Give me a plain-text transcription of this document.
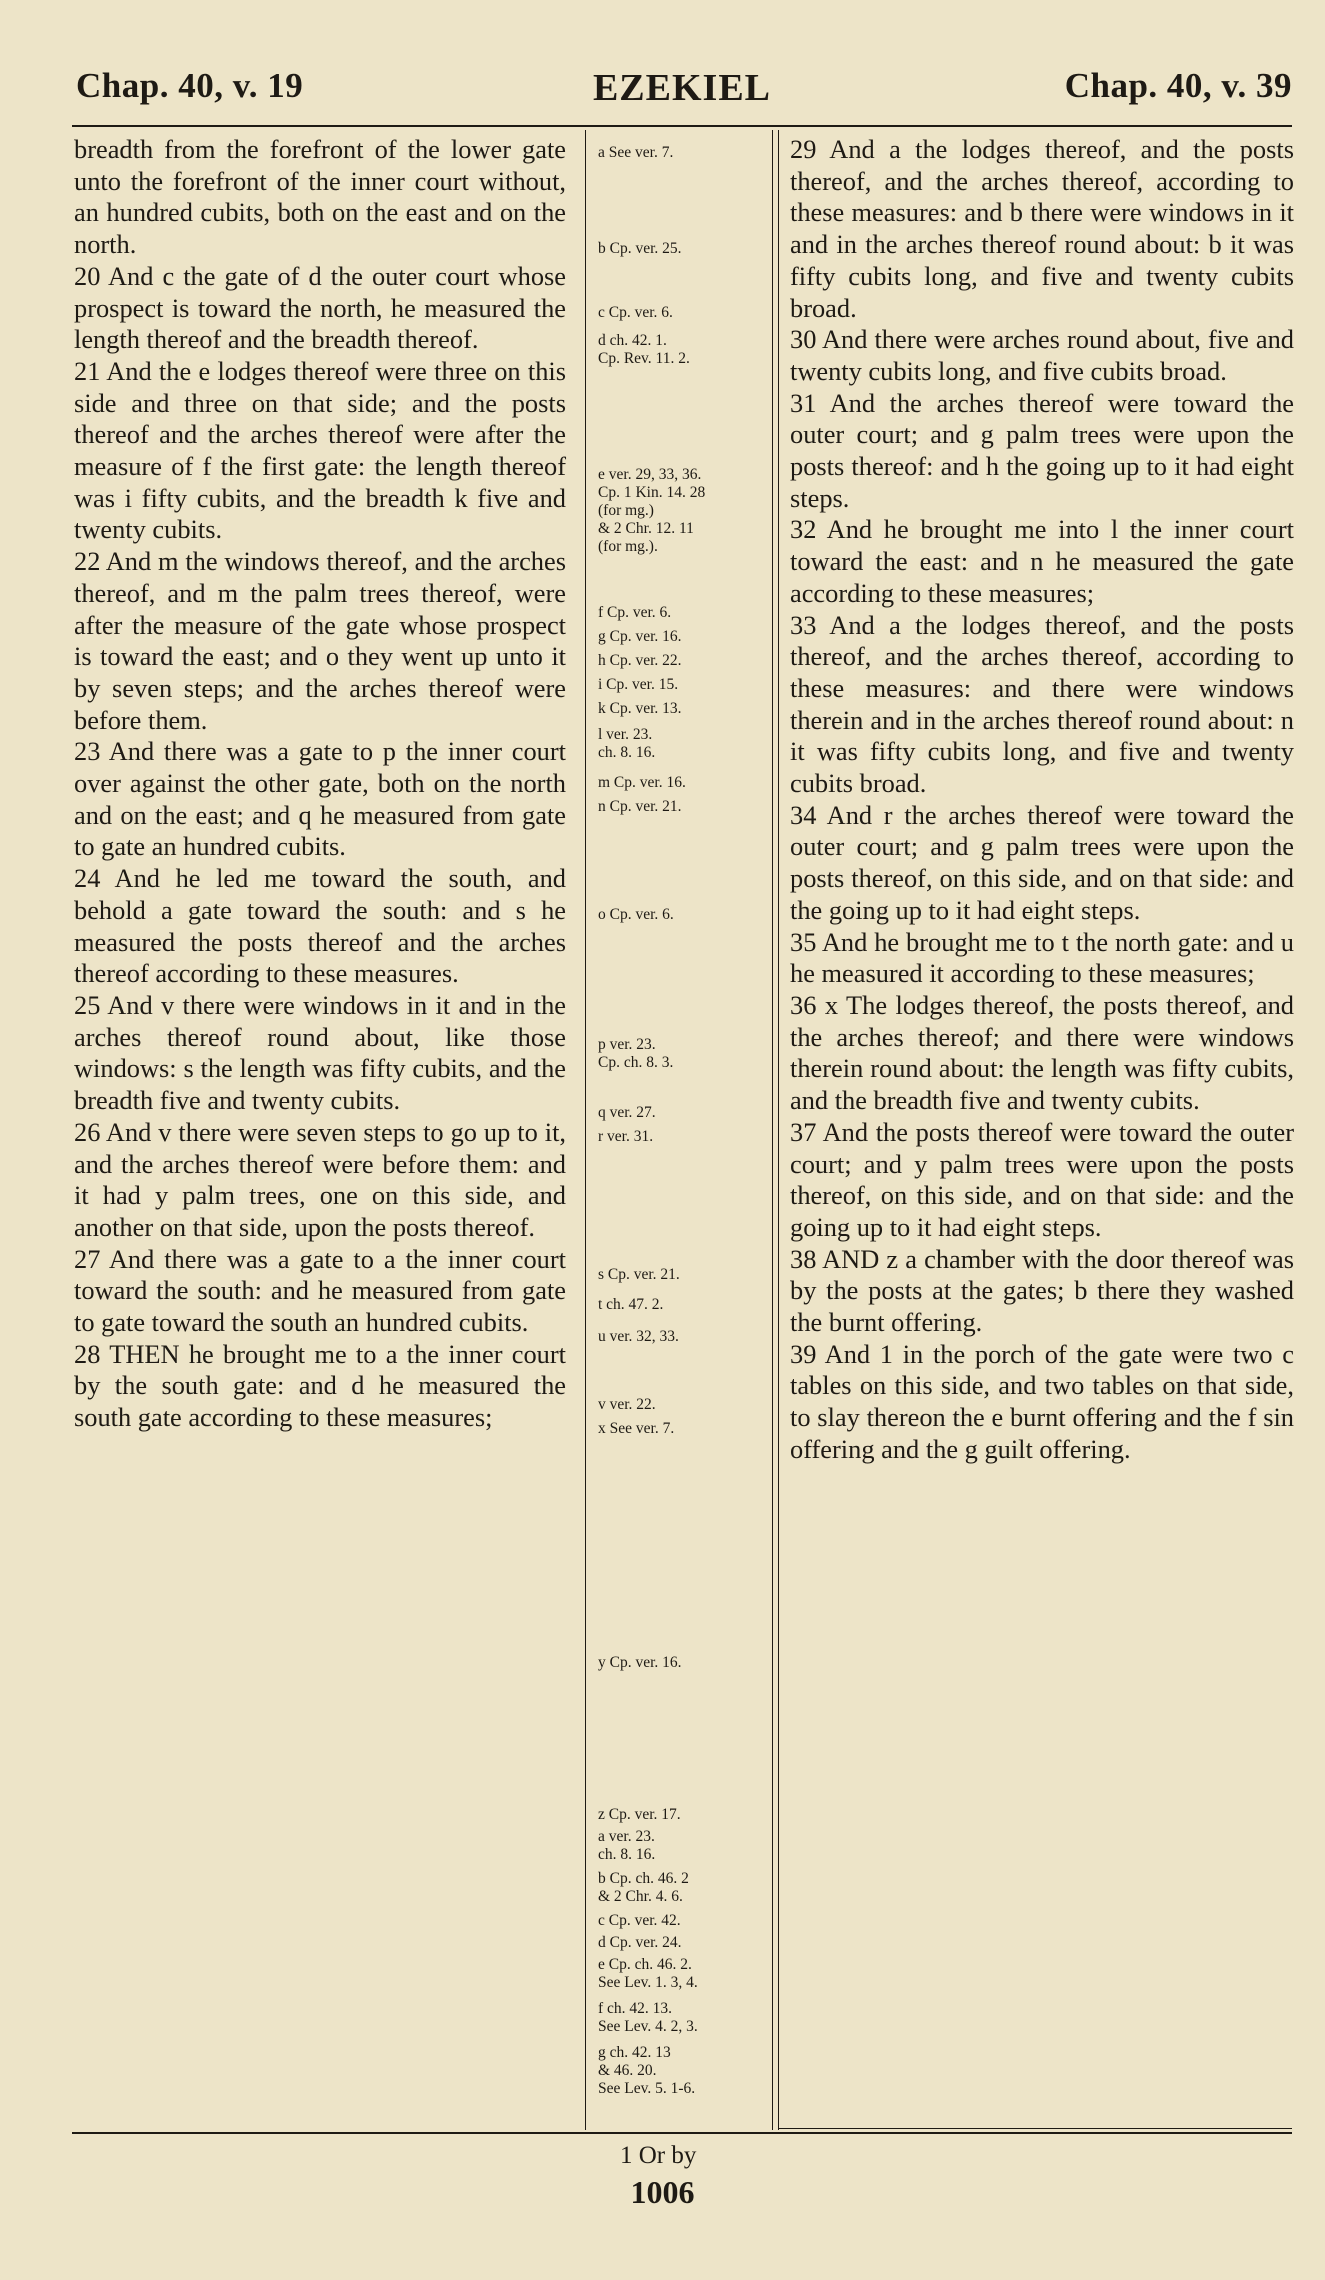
Chap. 40, v. 19	EZEKIEL	Chap. 40, v. 39

breadth from the forefront of the lower gate unto the forefront of the inner court without, an hundred cubits, both on the east and on the north.

20 And c the gate of d the outer court whose prospect is toward the north, he measured the length thereof and the breadth thereof.

21 And the e lodges thereof were three on this side and three on that side; and the posts thereof and the arches thereof were after the measure of f the first gate: the length thereof was i fifty cubits, and the breadth k five and twenty cubits.

22 And m the windows thereof, and the arches thereof, and m the palm trees thereof, were after the measure of the gate whose prospect is toward the east; and o they went up unto it by seven steps; and the arches thereof were before them.

23 And there was a gate to p the inner court over against the other gate, both on the north and on the east; and q he measured from gate to gate an hundred cubits.

24 And he led me toward the south, and behold a gate toward the south: and s he measured the posts thereof and the arches thereof according to these measures.

25 And v there were windows in it and in the arches thereof round about, like those windows: s the length was fifty cubits, and the breadth five and twenty cubits.

26 And v there were seven steps to go up to it, and the arches thereof were before them: and it had y palm trees, one on this side, and another on that side, upon the posts thereof.

27 And there was a gate to a the inner court toward the south: and he measured from gate to gate toward the south an hundred cubits.

28 THEN he brought me to a the inner court by the south gate: and d he measured the south gate according to these measures;

a See ver. 7.
b Cp. ver. 25.
c Cp. ver. 6.
d ch. 42. 1.
Cp. Rev. 11. 2.
e ver. 29, 33, 36.
Cp. 1 Kin. 14. 28
(for mg.)
& 2 Chr. 12. 11
(for mg.).
f Cp. ver. 6.
g Cp. ver. 16.
h Cp. ver. 22.
i Cp. ver. 15.
k Cp. ver. 13.
l ver. 23.
ch. 8. 16.
m Cp. ver. 16.
n Cp. ver. 21.
o Cp. ver. 6.
p ver. 23.
Cp. ch. 8. 3.
q ver. 27.
r ver. 31.
s Cp. ver. 21.
t ch. 47. 2.
u ver. 32, 33.
v ver. 22.
x See ver. 7.
y Cp. ver. 16.
z Cp. ver. 17.
a ver. 23.
ch. 8. 16.
b Cp. ch. 46. 2
& 2 Chr. 4. 6.
c Cp. ver. 42.
d Cp. ver. 24.
e Cp. ch. 46. 2.
See Lev. 1. 3, 4.
f ch. 42. 13.
See Lev. 4. 2, 3.
g ch. 42. 13
& 46. 20.
See Lev. 5. 1-6.

29 And a the lodges thereof, and the posts thereof, and the arches thereof, according to these measures: and b there were windows in it and in the arches thereof round about: b it was fifty cubits long, and five and twenty cubits broad.

30 And there were arches round about, five and twenty cubits long, and five cubits broad.

31 And the arches thereof were toward the outer court; and g palm trees were upon the posts thereof: and h the going up to it had eight steps.

32 And he brought me into l the inner court toward the east: and n he measured the gate according to these measures;

33 And a the lodges thereof, and the posts thereof, and the arches thereof, according to these measures: and there were windows therein and in the arches thereof round about: n it was fifty cubits long, and five and twenty cubits broad.

34 And r the arches thereof were toward the outer court; and g palm trees were upon the posts thereof, on this side, and on that side: and the going up to it had eight steps.

35 And he brought me to t the north gate: and u he measured it according to these measures;

36 x The lodges thereof, the posts thereof, and the arches thereof; and there were windows therein round about: the length was fifty cubits, and the breadth five and twenty cubits.

37 And the posts thereof were toward the outer court; and y palm trees were upon the posts thereof, on this side, and on that side: and the going up to it had eight steps.

38 AND z a chamber with the door thereof was by the posts at the gates; b there they washed the burnt offering.

39 And 1 in the porch of the gate were two c tables on this side, and two tables on that side, to slay thereon the e burnt offering and the f sin offering and the g guilt offering.

1 Or by
1006
